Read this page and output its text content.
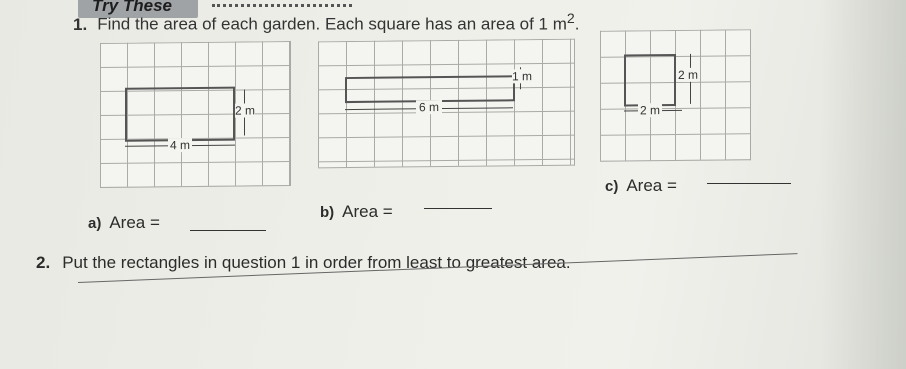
Try These
1. Find the area of each garden. Each square has an area of 1 $m^2$.
2 m
4 m
1 m
6 m
2 m
2 m
a) Area =
b) Area =
c) Area =
2. Put the rectangles in question 1 in order from least to greatest area.
